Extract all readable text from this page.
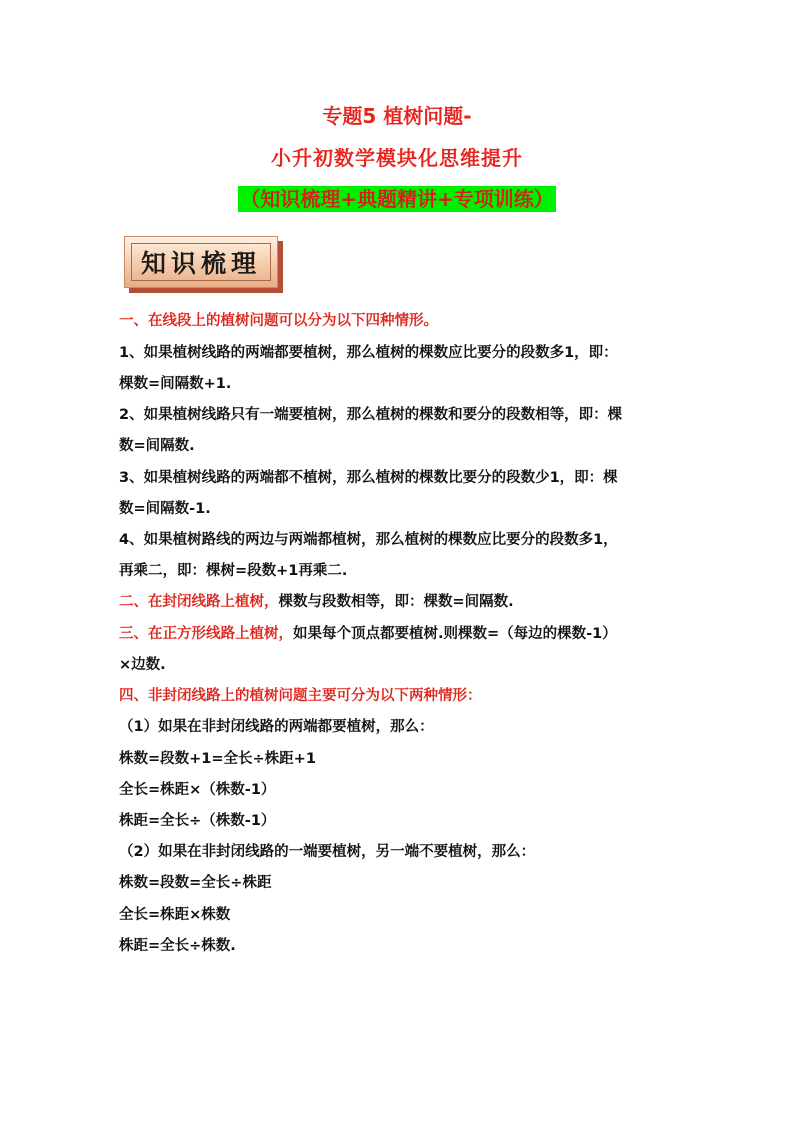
专题5 植树问题-
小升初数学模块化思维提升
（知识梳理+典题精讲+专项训练）
知识梳理
一、在线段上的植树问题可以分为以下四种情形。
1、如果植树线路的两端都要植树，那么植树的棵数应比要分的段数多1，即：
棵数=间隔数+1.
2、如果植树线路只有一端要植树，那么植树的棵数和要分的段数相等，即：棵
数=间隔数.
3、如果植树线路的两端都不植树，那么植树的棵数比要分的段数少1，即：棵
数=间隔数-1.
4、如果植树路线的两边与两端都植树，那么植树的棵数应比要分的段数多1，
再乘二，即：棵树=段数+1再乘二.
二、在封闭线路上植树，棵数与段数相等，即：棵数=间隔数.
三、在正方形线路上植树，如果每个顶点都要植树.则棵数=（每边的棵数-1）
×边数.
四、非封闭线路上的植树问题主要可分为以下两种情形：
（1）如果在非封闭线路的两端都要植树，那么：
株数=段数+1=全长÷株距+1
全长=株距×（株数-1）
株距=全长÷（株数-1）
（2）如果在非封闭线路的一端要植树，另一端不要植树，那么：
株数=段数=全长÷株距
全长=株距×株数
株距=全长÷株数.
